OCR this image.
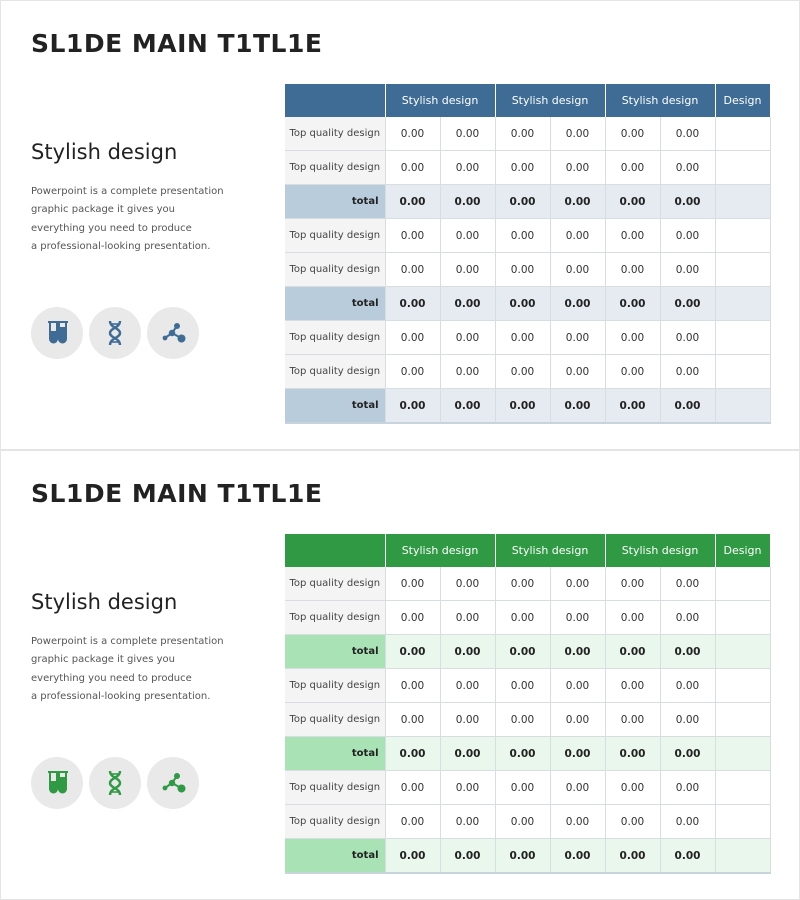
SL1DE MAIN T1TL1E
Stylish design
Powerpoint is a complete presentation
graphic package it gives you
everything you need to produce
a professional-looking presentation.
	Stylish design		Stylish design		Stylish design		Design
Top quality design	0.00	0.00	0.00	0.00	0.00	0.00	
Top quality design	0.00	0.00	0.00	0.00	0.00	0.00	
total	0.00	0.00	0.00	0.00	0.00	0.00	
Top quality design	0.00	0.00	0.00	0.00	0.00	0.00	
Top quality design	0.00	0.00	0.00	0.00	0.00	0.00	
total	0.00	0.00	0.00	0.00	0.00	0.00	
Top quality design	0.00	0.00	0.00	0.00	0.00	0.00	
Top quality design	0.00	0.00	0.00	0.00	0.00	0.00	
total	0.00	0.00	0.00	0.00	0.00	0.00	
SL1DE MAIN T1TL1E
Stylish design
Powerpoint is a complete presentation
graphic package it gives you
everything you need to produce
a professional-looking presentation.
	Stylish design		Stylish design		Stylish design		Design
Top quality design	0.00	0.00	0.00	0.00	0.00	0.00	
Top quality design	0.00	0.00	0.00	0.00	0.00	0.00	
total	0.00	0.00	0.00	0.00	0.00	0.00	
Top quality design	0.00	0.00	0.00	0.00	0.00	0.00	
Top quality design	0.00	0.00	0.00	0.00	0.00	0.00	
total	0.00	0.00	0.00	0.00	0.00	0.00	
Top quality design	0.00	0.00	0.00	0.00	0.00	0.00	
Top quality design	0.00	0.00	0.00	0.00	0.00	0.00	
total	0.00	0.00	0.00	0.00	0.00	0.00	
